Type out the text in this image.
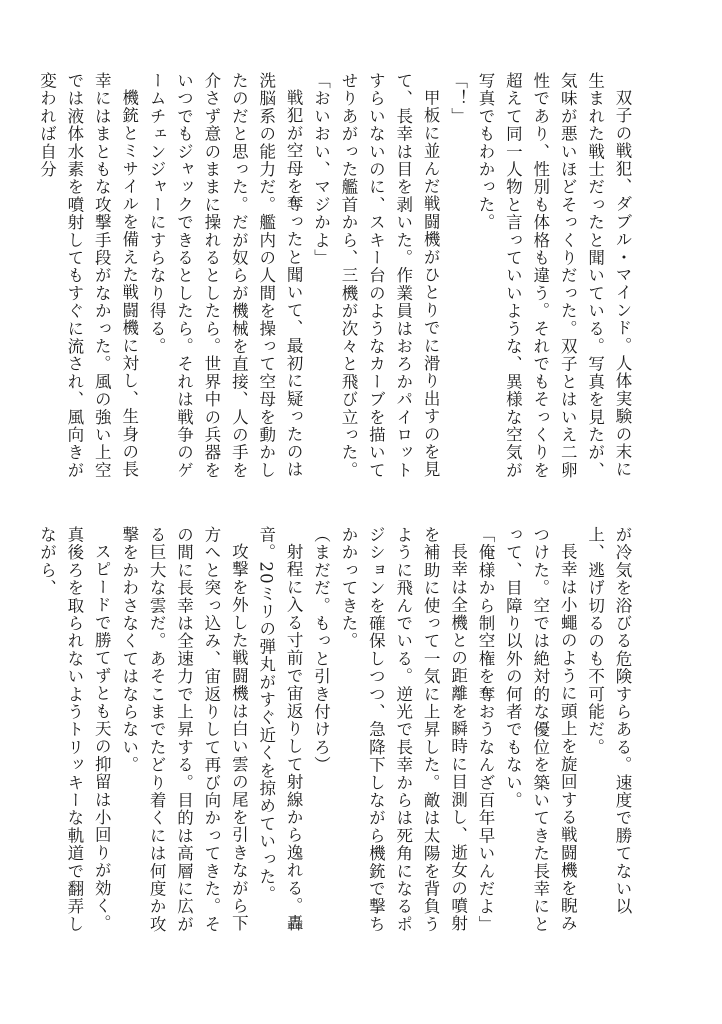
双子の戦犯、ダブル・マインド。人体実験の末に生まれた戦士だったと聞いている。写真を見たが、気味が悪いほどそっくりだった。双子とはいえ二卵性であり、性別も体格も違う。それでもそっくりを超えて同一人物と言っていいような、異様な空気が写真でもわかった。

「！」

甲板に並んだ戦闘機がひとりでに滑り出すのを見て、長幸は目を剥いた。作業員はおろかパイロットすらいないのに、スキー台のようなカーブを描いてせりあがった艦首から、三機が次々と飛び立った。

「おいおい、マジかよ」

戦犯が空母を奪ったと聞いて、最初に疑ったのは洗脳系の能力だ。艦内の人間を操って空母を動かしたのだと思った。だが奴らが機械を直接、人の手を介さず意のままに操れるとしたら。世界中の兵器をいつでもジャックできるとしたら。それは戦争のゲームチェンジャーにすらなり得る。

機銃とミサイルを備えた戦闘機に対し、生身の長幸にはまともな攻撃手段がなかった。風の強い上空では液体水素を噴射してもすぐに流され、風向きが変われば自分

が冷気を浴びる危険すらある。速度で勝てない以上、逃げ切るのも不可能だ。

長幸は小蠅のように頭上を旋回する戦闘機を睨みつけた。空では絶対的な優位を築いてきた長幸にとって、目障り以外の何者でもない。

「俺様から制空権を奪おうなんざ百年早いんだよ」

長幸は全機との距離を瞬時に目測し、逝女の噴射を補助に使って一気に上昇した。敵は太陽を背負うように飛んでいる。逆光で長幸からは死角になるポジションを確保しつつ、急降下しながら機銃で撃ちかかってきた。

（まだだ。もっと引き付けろ）

射程に入る寸前で宙返りして射線から逸れる。轟音。20ミリの弾丸がすぐ近くを掠めていった。

攻撃を外した戦闘機は白い雲の尾を引きながら下方へと突っ込み、宙返りして再び向かってきた。その間に長幸は全速力で上昇する。目的は高層に広がる巨大な雲だ。あそこまでたどり着くには何度か攻撃をかわさなくてはならない。

スピードで勝てずとも天の抑留は小回りが効く。真後ろを取られないようトリッキーな軌道で翻弄しながら、
